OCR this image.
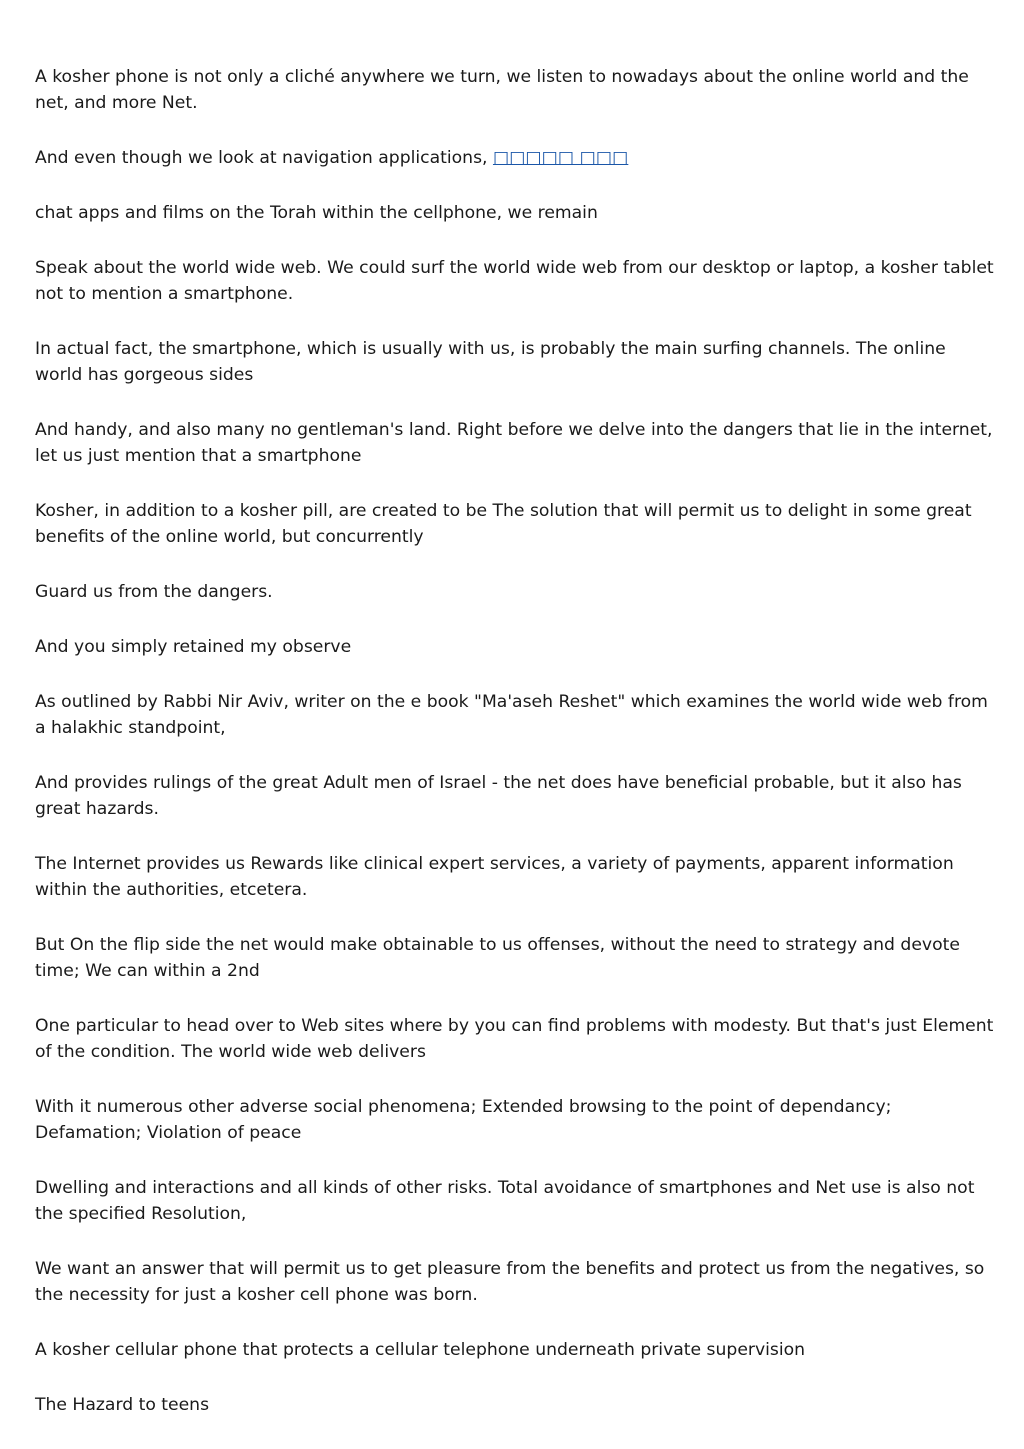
A kosher phone is not only a cliché anywhere we turn, we listen to nowadays about the online world and the net, and more Net.

And even though we look at navigation applications, □□□□□ □□□

chat apps and films on the Torah within the cellphone, we remain

Speak about the world wide web. We could surf the world wide web from our desktop or laptop, a kosher tablet not to mention a smartphone.

In actual fact, the smartphone, which is usually with us, is probably the main surfing channels. The online world has gorgeous sides

And handy, and also many no gentleman's land. Right before we delve into the dangers that lie in the internet, let us just mention that a smartphone

Kosher, in addition to a kosher pill, are created to be The solution that will permit us to delight in some great benefits of the online world, but concurrently

Guard us from the dangers.

And you simply retained my observe

As outlined by Rabbi Nir Aviv, writer on the e book "Ma'aseh Reshet" which examines the world wide web from a halakhic standpoint,

And provides rulings of the great Adult men of Israel - the net does have beneficial probable, but it also has great hazards.

The Internet provides us Rewards like clinical expert services, a variety of payments, apparent information within the authorities, etcetera.

But On the flip side the net would make obtainable to us offenses, without the need to strategy and devote time; We can within a 2nd

One particular to head over to Web sites where by you can find problems with modesty. But that's just Element of the condition. The world wide web delivers

With it numerous other adverse social phenomena; Extended browsing to the point of dependancy; Defamation; Violation of peace

Dwelling and interactions and all kinds of other risks. Total avoidance of smartphones and Net use is also not the specified Resolution,

We want an answer that will permit us to get pleasure from the benefits and protect us from the negatives, so the necessity for just a kosher cell phone was born.

A kosher cellular phone that protects a cellular telephone underneath private supervision

The Hazard to teens
